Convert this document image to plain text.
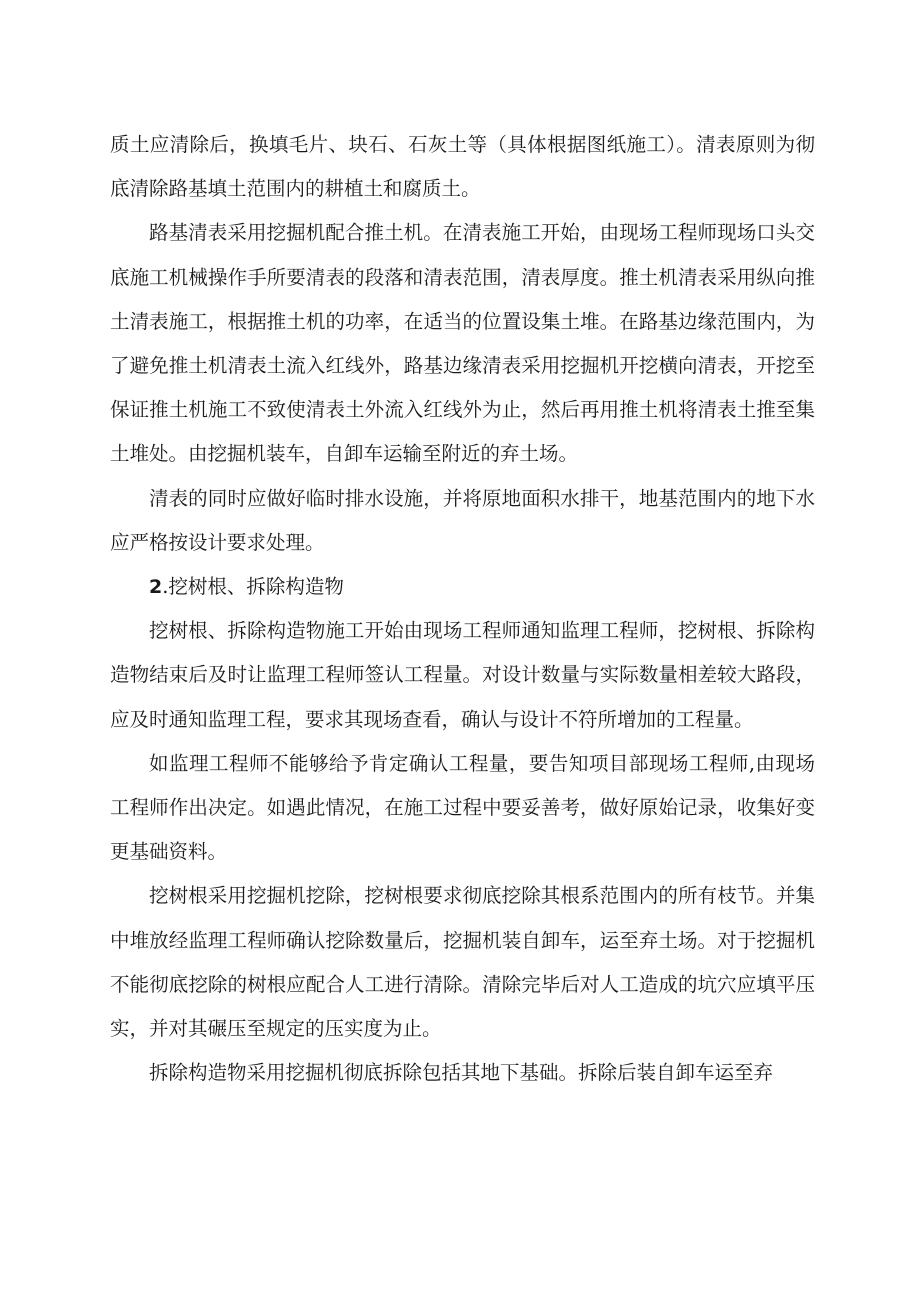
质土应清除后，换填毛片、块石、石灰土等（具体根据图纸施工）。清表原则为彻底清除路基填土范围内的耕植土和腐质土。

路基清表采用挖掘机配合推土机。在清表施工开始，由现场工程师现场口头交底施工机械操作手所要清表的段落和清表范围，清表厚度。推土机清表采用纵向推土清表施工，根据推土机的功率，在适当的位置设集土堆。在路基边缘范围内，为了避免推土机清表土流入红线外，路基边缘清表采用挖掘机开挖横向清表，开挖至保证推土机施工不致使清表土外流入红线外为止，然后再用推土机将清表土推至集土堆处。由挖掘机装车，自卸车运输至附近的弃土场。

清表的同时应做好临时排水设施，并将原地面积水排干，地基范围内的地下水应严格按设计要求处理。

2.挖树根、拆除构造物

挖树根、拆除构造物施工开始由现场工程师通知监理工程师，挖树根、拆除构造物结束后及时让监理工程师签认工程量。对设计数量与实际数量相差较大路段，应及时通知监理工程，要求其现场查看，确认与设计不符所增加的工程量。

如监理工程师不能够给予肯定确认工程量，要告知项目部现场工程师,由现场工程师作出决定。如遇此情况，在施工过程中要妥善考，做好原始记录，收集好变更基础资料。

挖树根采用挖掘机挖除，挖树根要求彻底挖除其根系范围内的所有枝节。并集中堆放经监理工程师确认挖除数量后，挖掘机装自卸车，运至弃土场。对于挖掘机不能彻底挖除的树根应配合人工进行清除。清除完毕后对人工造成的坑穴应填平压实，并对其碾压至规定的压实度为止。

拆除构造物采用挖掘机彻底拆除包括其地下基础。拆除后装自卸车运至弃
